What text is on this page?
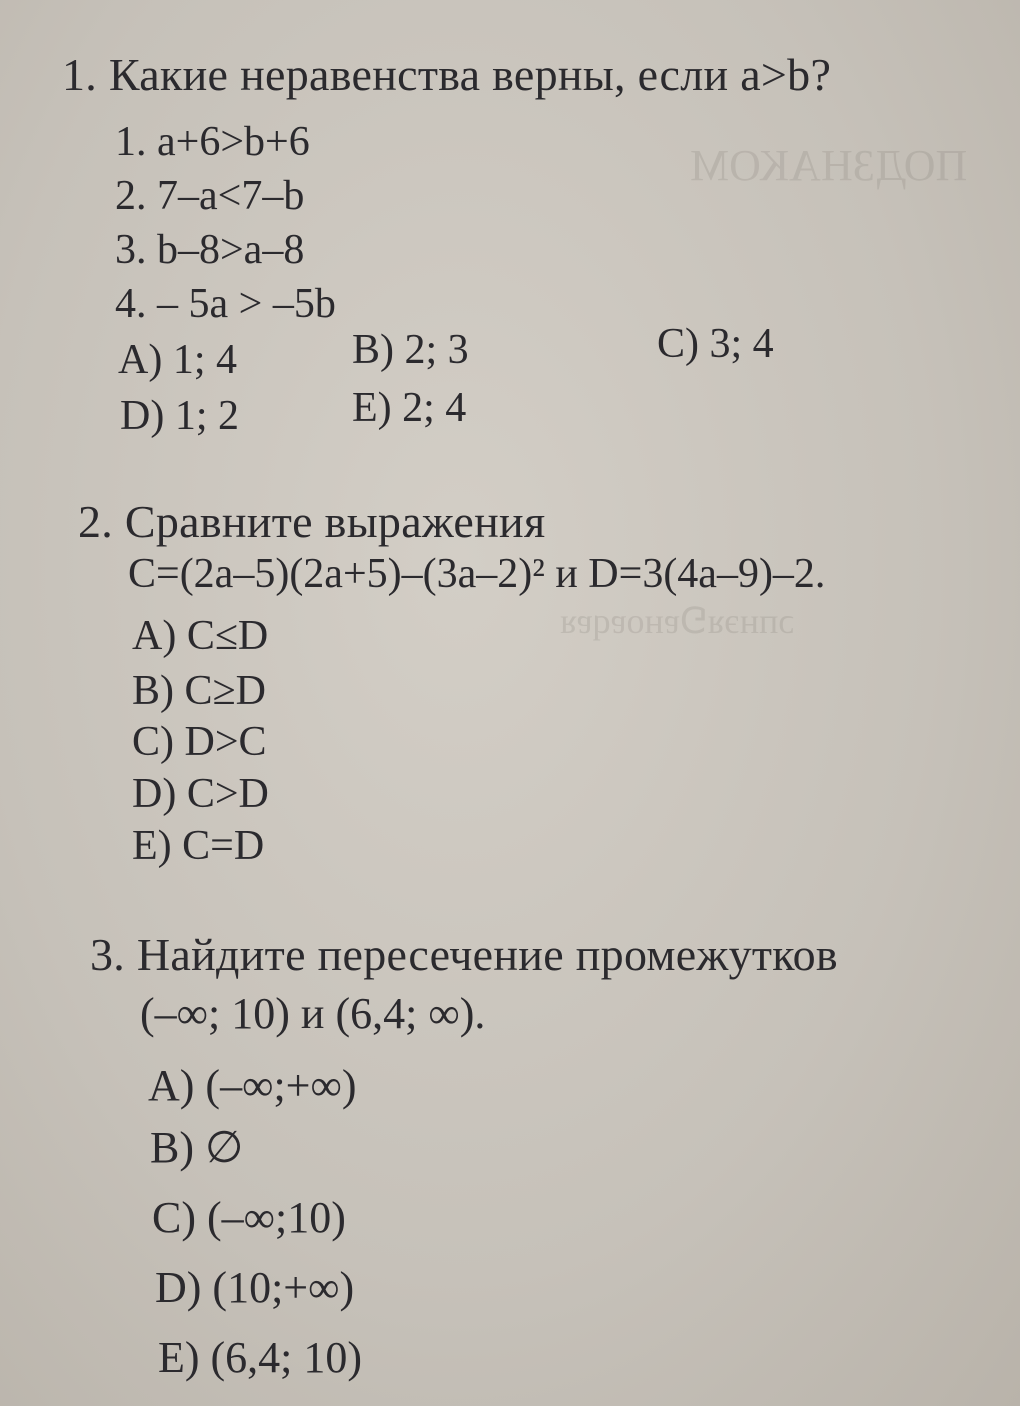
ПОДЗНАКОМ
ɔпнэᴚꓨɐноɐqɐᴚ
1. Какие неравенства верны, если a>b?
1. a+6>b+6
2. 7–a<7–b
3. b–8>a–8
4. – 5a > –5b
A) 1; 4	B) 2; 3	C) 3; 4
D) 1; 2	E) 2; 4
2. Сравните выражения
C=(2a–5)(2a+5)–(3a–2)² и D=3(4a–9)–2.
A) C≤D
B) C≥D
C) D>C
D) C>D
E) C=D
3. Найдите пересечение промежутков
(–∞; 10) и (6,4; ∞).
A) (–∞;+∞)
B) ∅
C) (–∞;10)
D) (10;+∞)
E) (6,4; 10)
